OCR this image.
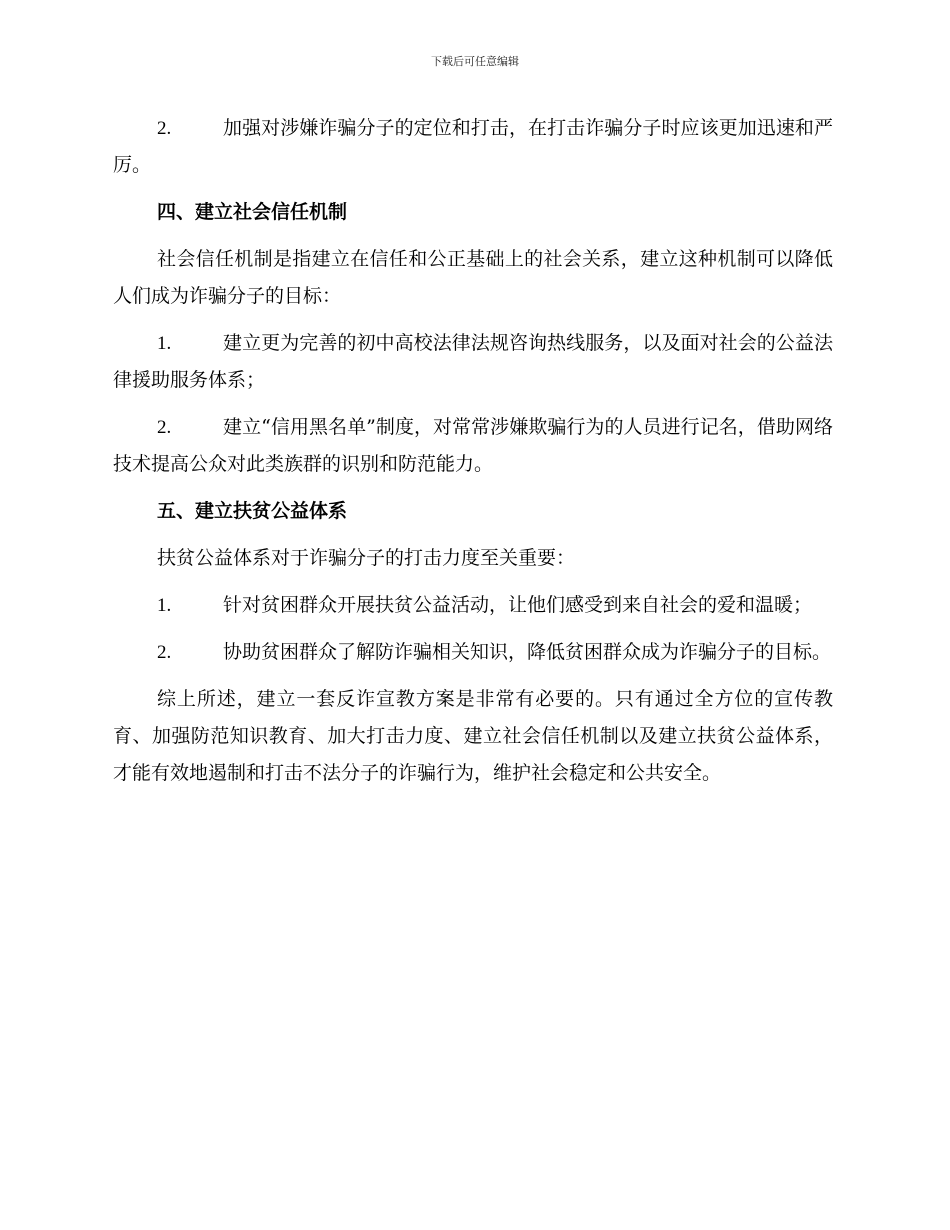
下载后可任意编辑
2.	加强对涉嫌诈骗分子的定位和打击，在打击诈骗分子时应该更加迅速和严厉。
四、建立社会信任机制
社会信任机制是指建立在信任和公正基础上的社会关系，建立这种机制可以降低人们成为诈骗分子的目标：
1.	建立更为完善的初中高校法律法规咨询热线服务，以及面对社会的公益法律援助服务体系；
2.	建立“信用黑名单”制度，对常常涉嫌欺骗行为的人员进行记名，借助网络技术提高公众对此类族群的识别和防范能力。
五、建立扶贫公益体系
扶贫公益体系对于诈骗分子的打击力度至关重要：
1.	针对贫困群众开展扶贫公益活动，让他们感受到来自社会的爱和温暖；
2.	协助贫困群众了解防诈骗相关知识，降低贫困群众成为诈骗分子的目标。
综上所述，建立一套反诈宣教方案是非常有必要的。只有通过全方位的宣传教育、加强防范知识教育、加大打击力度、建立社会信任机制以及建立扶贫公益体系，才能有效地遏制和打击不法分子的诈骗行为，维护社会稳定和公共安全。
